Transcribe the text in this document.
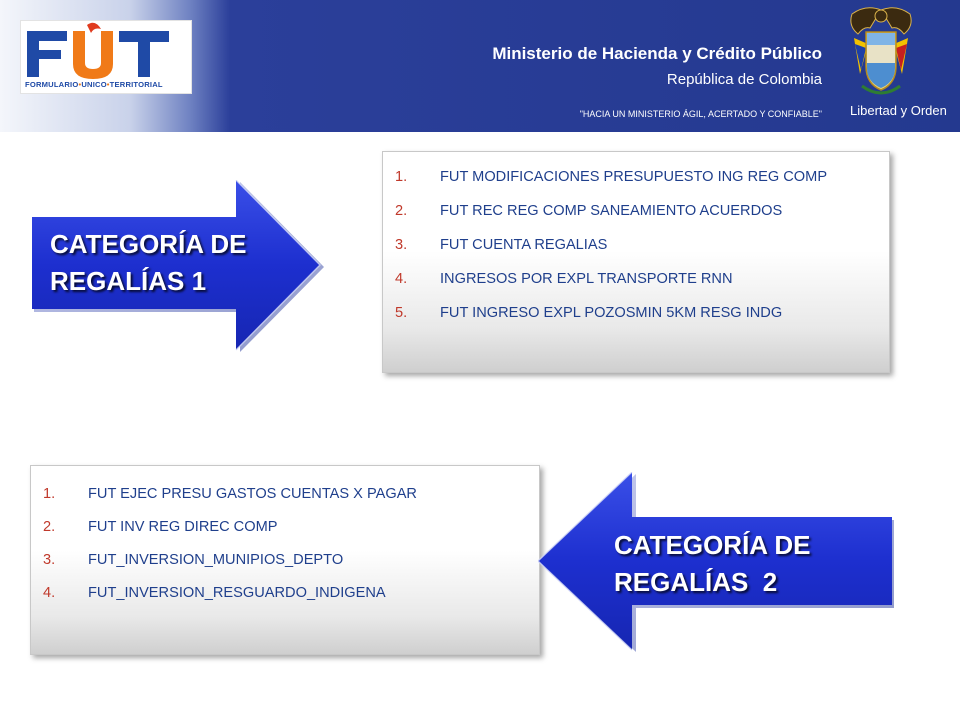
FORMULARIO•UNICO•TERRITORIAL
Ministerio de Hacienda y Crédito Público
República de Colombia
"HACIA UN MINISTERIO ÁGIL, ACERTADO Y CONFIABLE" Libertad y Orden
CATEGORÍA DE
REGALÍAS 1
1.	FUT MODIFICACIONES PRESUPUESTO ING REG COMP
2.	FUT REC REG COMP SANEAMIENTO ACUERDOS
3.	FUT CUENTA REGALIAS
4.	INGRESOS POR EXPL TRANSPORTE RNN
5.	FUT INGRESO EXPL POZOSMIN 5KM RESG INDG
1.	FUT EJEC PRESU GASTOS CUENTAS X PAGAR
2.	FUT INV REG DIREC COMP
3.	FUT_INVERSION_MUNIPIOS_DEPTO
4.	FUT_INVERSION_RESGUARDO_INDIGENA
CATEGORÍA DE
REGALÍAS  2
